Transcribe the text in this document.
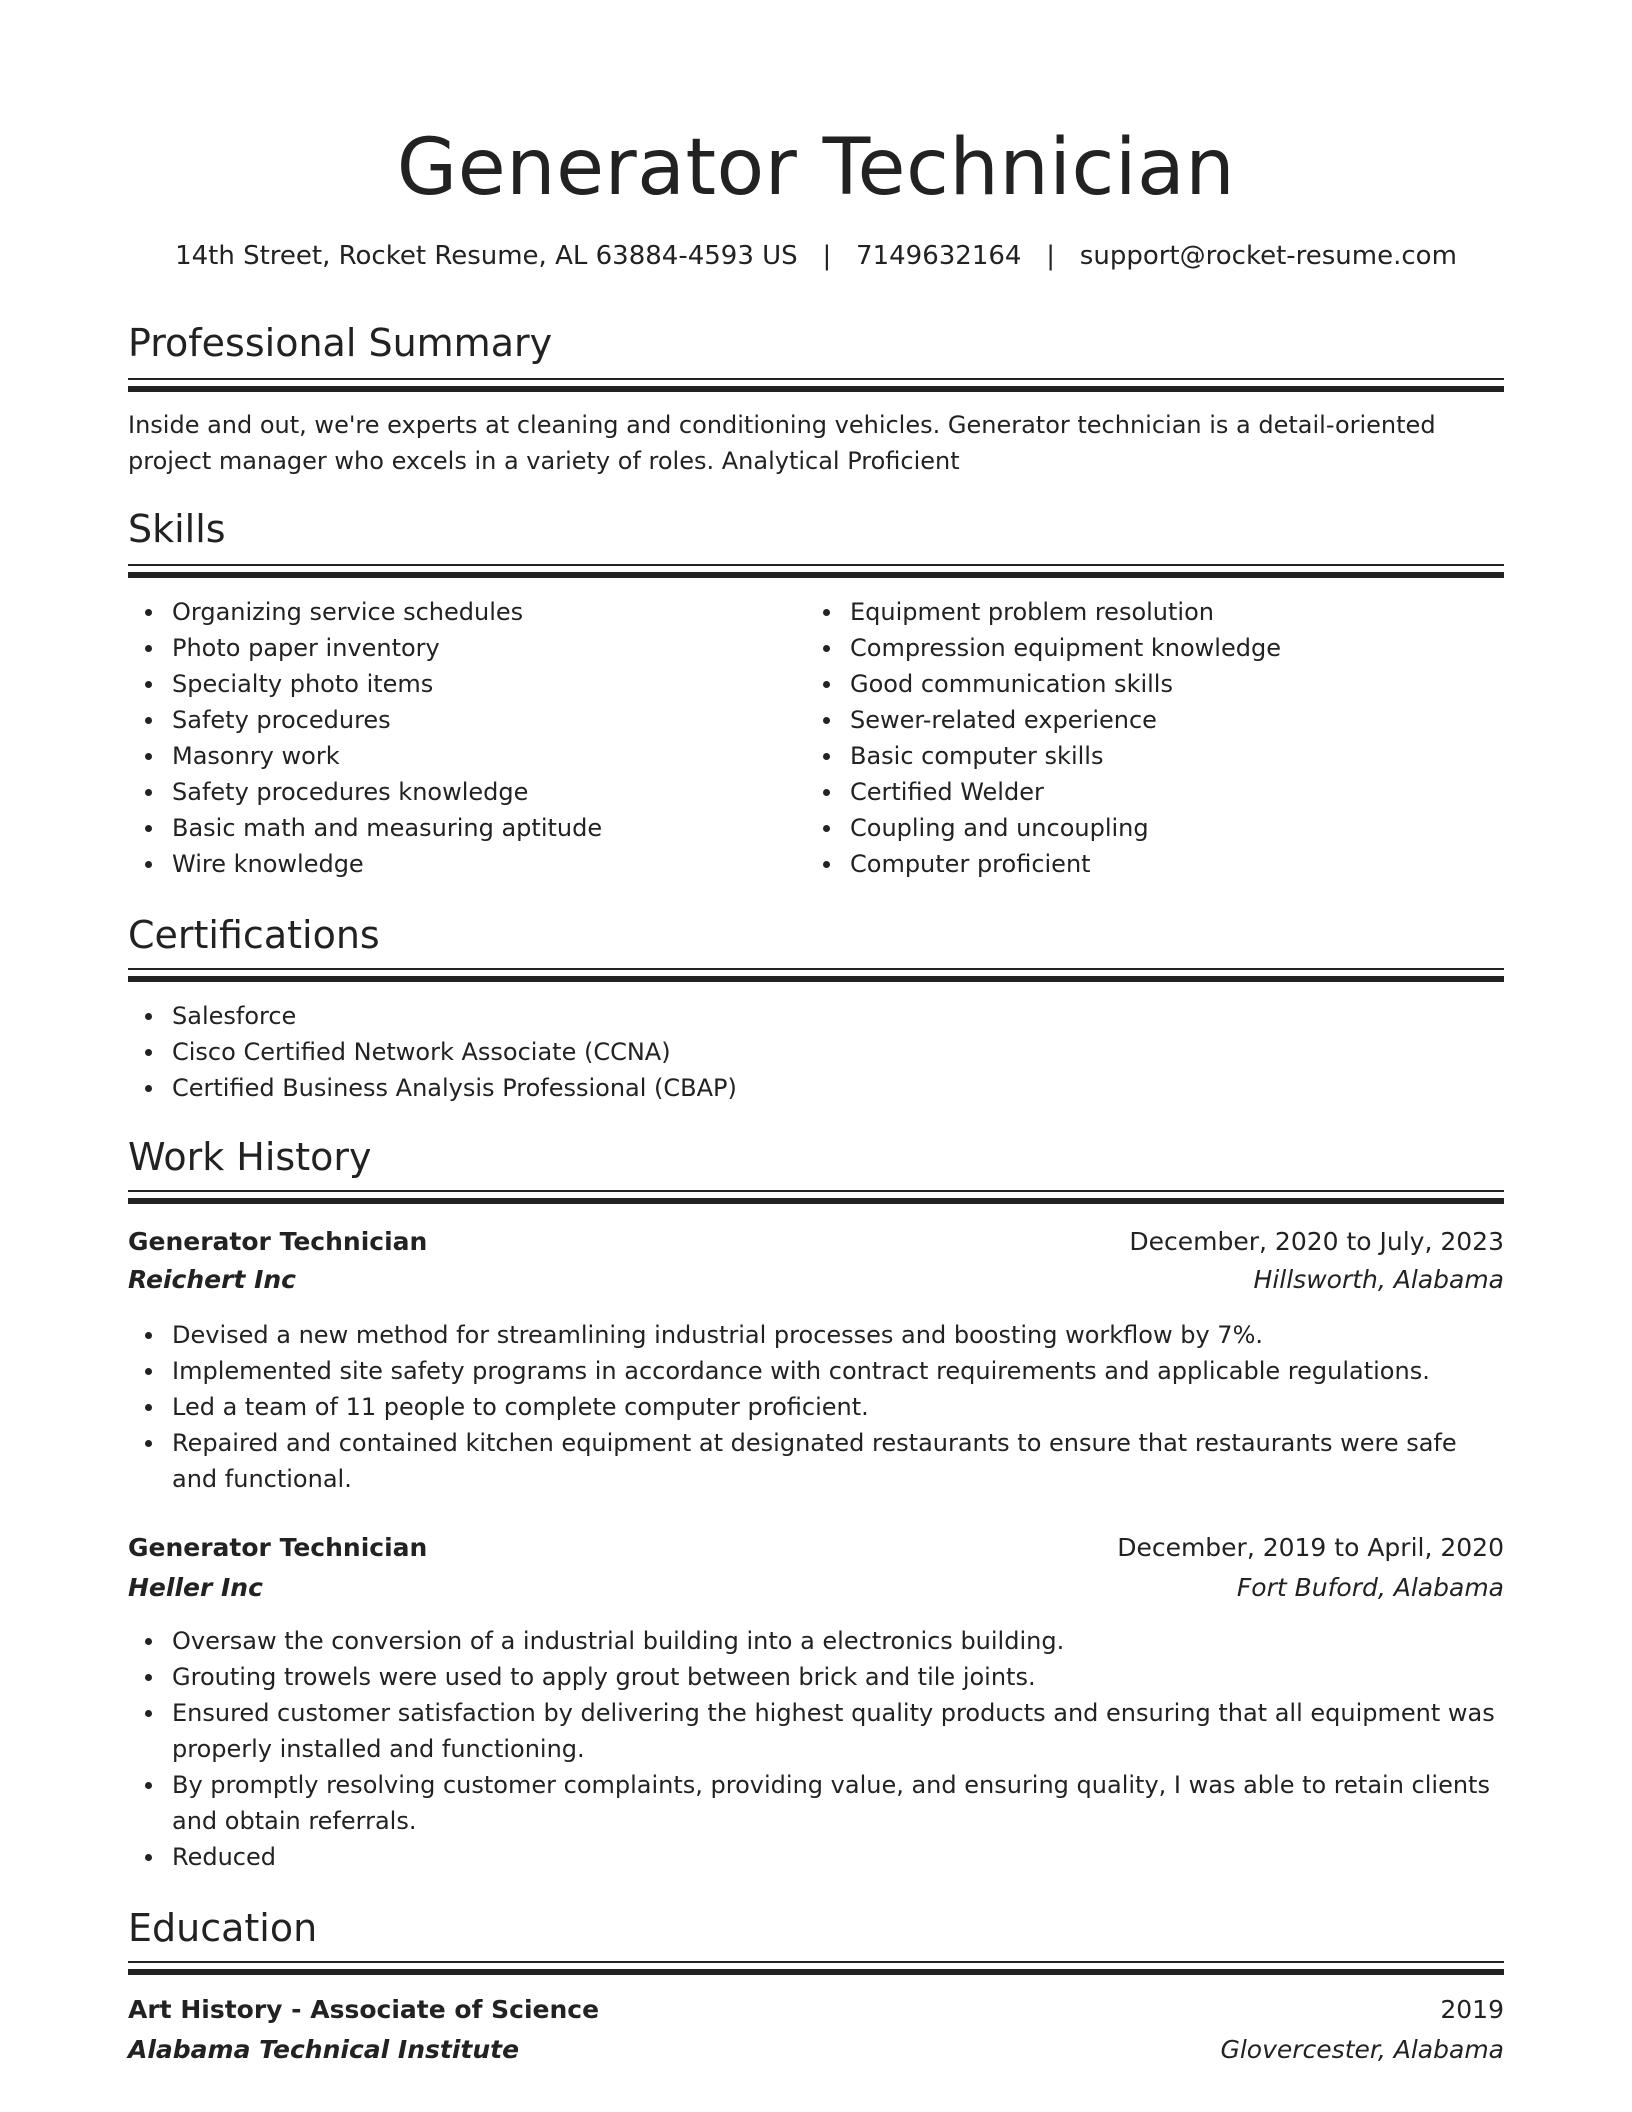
Generator Technician
14th Street, Rocket Resume, AL 63884-4593 US   |   7149632164   |   support@rocket-resume.com
Professional Summary
Inside and out, we're experts at cleaning and conditioning vehicles. Generator technician is a detail-oriented project manager who excels in a variety of roles. Analytical Proficient
Skills
Organizing service schedules
Photo paper inventory
Specialty photo items
Safety procedures
Masonry work
Safety procedures knowledge
Basic math and measuring aptitude
Wire knowledge
Equipment problem resolution
Compression equipment knowledge
Good communication skills
Sewer-related experience
Basic computer skills
Certified Welder
Coupling and uncoupling
Computer proficient
Certifications
Salesforce
Cisco Certified Network Associate (CCNA)
Certified Business Analysis Professional (CBAP)
Work History
Generator Technician	December, 2020 to July, 2023
Reichert Inc	Hillsworth, Alabama
Devised a new method for streamlining industrial processes and boosting workflow by 7%.
Implemented site safety programs in accordance with contract requirements and applicable regulations.
Led a team of 11 people to complete computer proficient.
Repaired and contained kitchen equipment at designated restaurants to ensure that restaurants were safe and functional.
Generator Technician	December, 2019 to April, 2020
Heller Inc	Fort Buford, Alabama
Oversaw the conversion of a industrial building into a electronics building.
Grouting trowels were used to apply grout between brick and tile joints.
Ensured customer satisfaction by delivering the highest quality products and ensuring that all equipment was properly installed and functioning.
By promptly resolving customer complaints, providing value, and ensuring quality, I was able to retain clients and obtain referrals.
Reduced
Education
Art History - Associate of Science	2019
Alabama Technical Institute	Glovercester, Alabama
